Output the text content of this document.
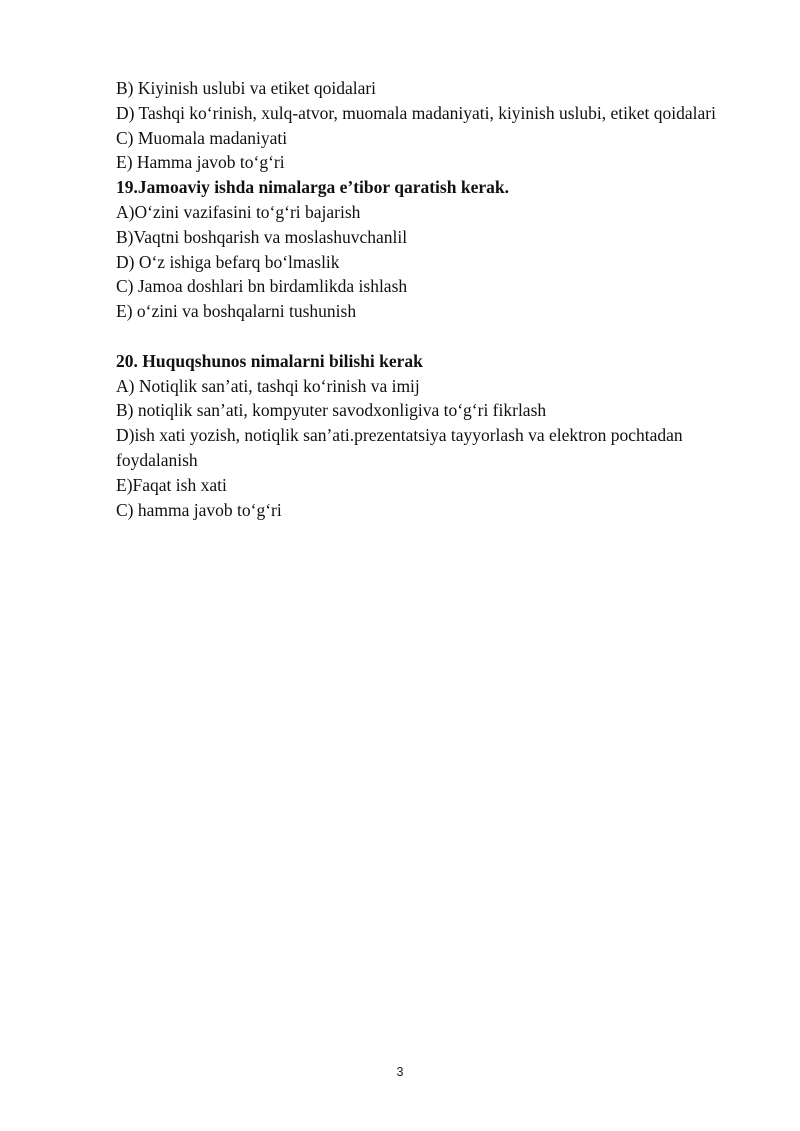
B) Kiyinish uslubi va etiket qoidalari

D) Tashqi ko‘rinish, xulq-atvor, muomala madaniyati, kiyinish uslubi, etiket qoidalari

C) Muomala madaniyati

E) Hamma javob to‘g‘ri

19.Jamoaviy ishda nimalarga e’tibor qaratish kerak.

A)O‘zini vazifasini to‘g‘ri bajarish

B)Vaqtni boshqarish va moslashuvchanlil

D) O‘z ishiga befarq bo‘lmaslik

C) Jamoa doshlari bn birdamlikda ishlash

E) o‘zini va boshqalarni tushunish

20. Huquqshunos nimalarni bilishi kerak

A) Notiqlik san’ati, tashqi ko‘rinish va imij

B) notiqlik san’ati, kompyuter savodxonligiva to‘g‘ri fikrlash

D)ish xati yozish, notiqlik san’ati.prezentatsiya tayyorlash va elektron pochtadan foydalanish

E)Faqat ish xati

C) hamma javob to‘g‘ri

3
